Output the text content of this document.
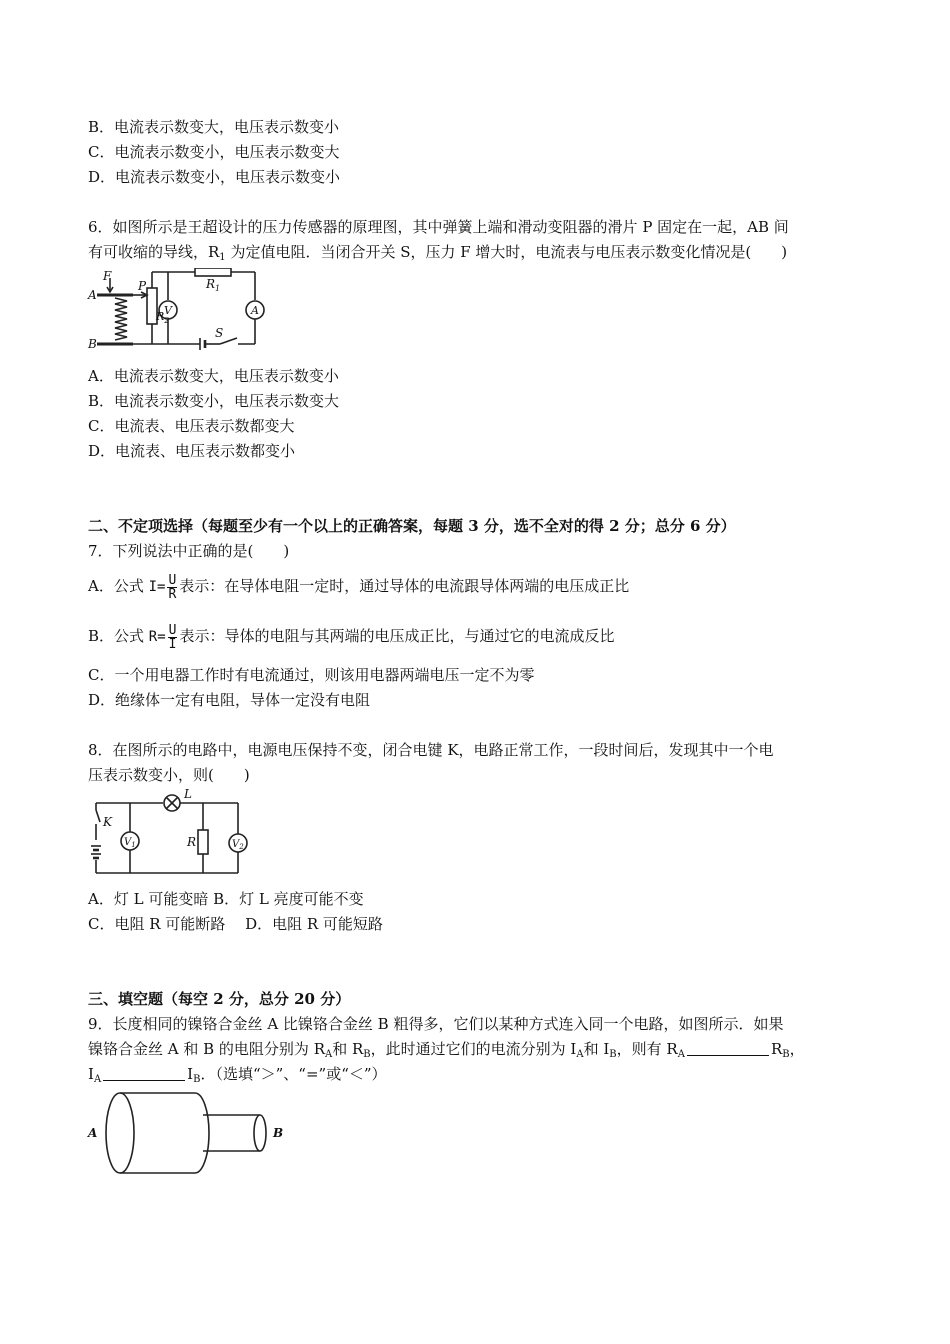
B．电流表示数变大，电压表示数变小
C．电流表示数变小，电压表示数变大
D．电流表示数变小，电压表示数变小
6．如图所示是王超设计的压力传感器的原理图，其中弹簧上端和滑动变阻器的滑片 P 固定在一起，AB 间
有可收缩的导线，$R_1$ 为定值电阻．当闭合开关 S，压力 F 增大时，电流表与电压表示数变化情况是(　　)
F
A
B
P	$R_1$
$R_2$
V	A
S
A．电流表示数变大，电压表示数变小
B．电流表示数变小，电压表示数变大
C．电流表、电压表示数都变大
D．电流表、电压表示数都变小
二、不定项选择（每题至少有一个以上的正确答案，每题 3 分，选不全对的得 2 分；总分 6 分）
7．下列说法中正确的是(　　)
A．公式 $I= \frac{U}{R}$ 表示：在导体电阻一定时，通过导体的电流跟导体两端的电压成正比
B．公式 $R= \frac{U}{I}$ 表示：导体的电阻与其两端的电压成正比，与通过它的电流成反比
C．一个用电器工作时有电流通过，则该用电器两端电压一定不为零
D．绝缘体一定有电阻，导体一定没有电阻
8．在图所示的电路中，电源电压保持不变，闭合电键 K，电路正常工作，一段时间后，发现其中一个电
压表示数变小，则(　　)
L
K
R
$V_1$	$V_2$
A．灯 L 可能变暗 B．灯 L 亮度可能不变
C．电阻 R 可能断路　 D．电阻 R 可能短路
三、填空题（每空 2 分，总分 20 分）
9．长度相同的镍铬合金丝 A 比镍铬合金丝 B 粗得多，它们以某种方式连入同一个电路，如图所示．如果
镍铬合金丝 A 和 B 的电阻分别为 $R_A$和 $R_B$，此时通过它们的电流分别为 $I_A$和 $I_B$，则有 $R_A$	$R_B$，
$I_A$	$I_B$．（选填“＞”、“=”或“＜”）
A	B
